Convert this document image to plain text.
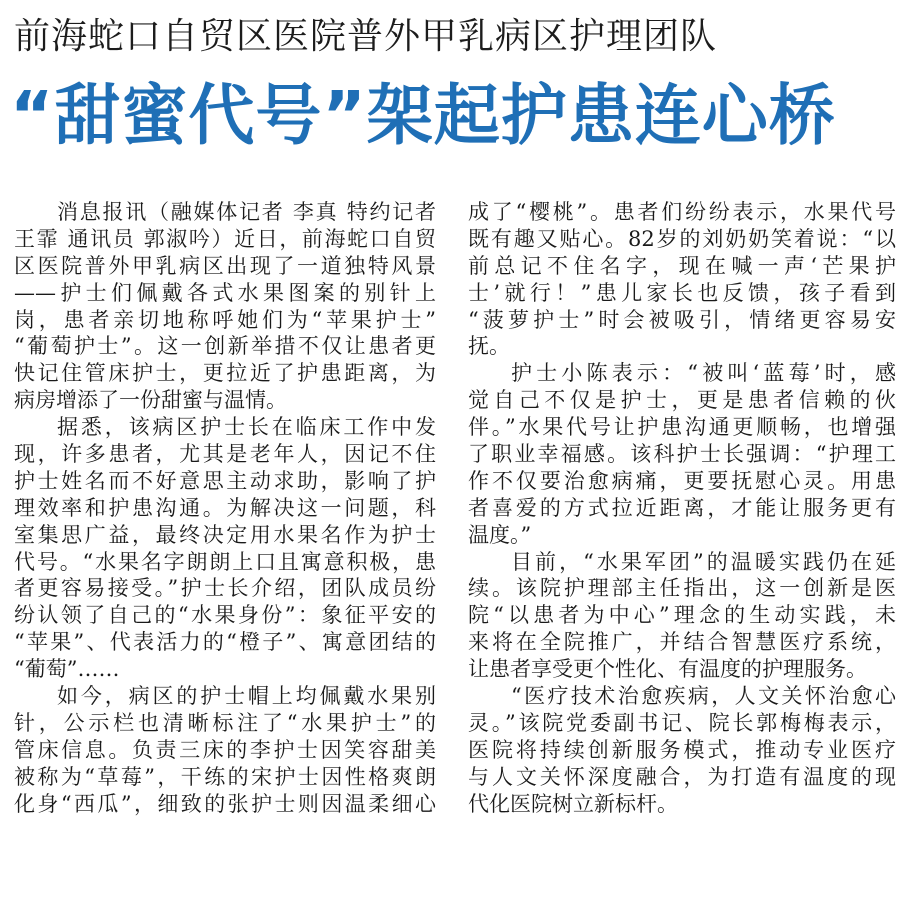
前海蛇口自贸区医院普外甲乳病区护理团队
“甜蜜代号”架起护患连心桥
消息报讯（融媒体记者 李真 特约记者
王霏 通讯员 郭淑吟）近日，前海蛇口自贸
区医院普外甲乳病区出现了一道独特风景
——护士们佩戴各式水果图案的别针上
岗，患者亲切地称呼她们为“苹果护士”
“葡萄护士”。这一创新举措不仅让患者更
快记住管床护士，更拉近了护患距离，为
病房增添了一份甜蜜与温情。
据悉，该病区护士长在临床工作中发
现，许多患者，尤其是老年人，因记不住
护士姓名而不好意思主动求助，影响了护
理效率和护患沟通。为解决这一问题，科
室集思广益，最终决定用水果名作为护士
代号。“水果名字朗朗上口且寓意积极，患
者更容易接受。”护士长介绍，团队成员纷
纷认领了自己的“水果身份”：象征平安的
“苹果”、代表活力的“橙子”、寓意团结的
“葡萄”……
如今，病区的护士帽上均佩戴水果别
针，公示栏也清晰标注了“水果护士”的
管床信息。负责三床的李护士因笑容甜美
被称为“草莓”，干练的宋护士因性格爽朗
化身“西瓜”，细致的张护士则因温柔细心
成了“樱桃”。患者们纷纷表示，水果代号
既有趣又贴心。82岁的刘奶奶笑着说：“以
前总记不住名字，现在喊一声‘芒果护
士’就行！”患儿家长也反馈，孩子看到
“菠萝护士”时会被吸引，情绪更容易安
抚。
护士小陈表示：“被叫‘蓝莓’时，感
觉自己不仅是护士，更是患者信赖的伙
伴。”水果代号让护患沟通更顺畅，也增强
了职业幸福感。该科护士长强调：“护理工
作不仅要治愈病痛，更要抚慰心灵。用患
者喜爱的方式拉近距离，才能让服务更有
温度。”
目前，“水果军团”的温暖实践仍在延
续。该院护理部主任指出，这一创新是医
院“以患者为中心”理念的生动实践，未
来将在全院推广，并结合智慧医疗系统，
让患者享受更个性化、有温度的护理服务。
“医疗技术治愈疾病，人文关怀治愈心
灵。”该院党委副书记、院长郭梅梅表示，
医院将持续创新服务模式，推动专业医疗
与人文关怀深度融合，为打造有温度的现
代化医院树立新标杆。
